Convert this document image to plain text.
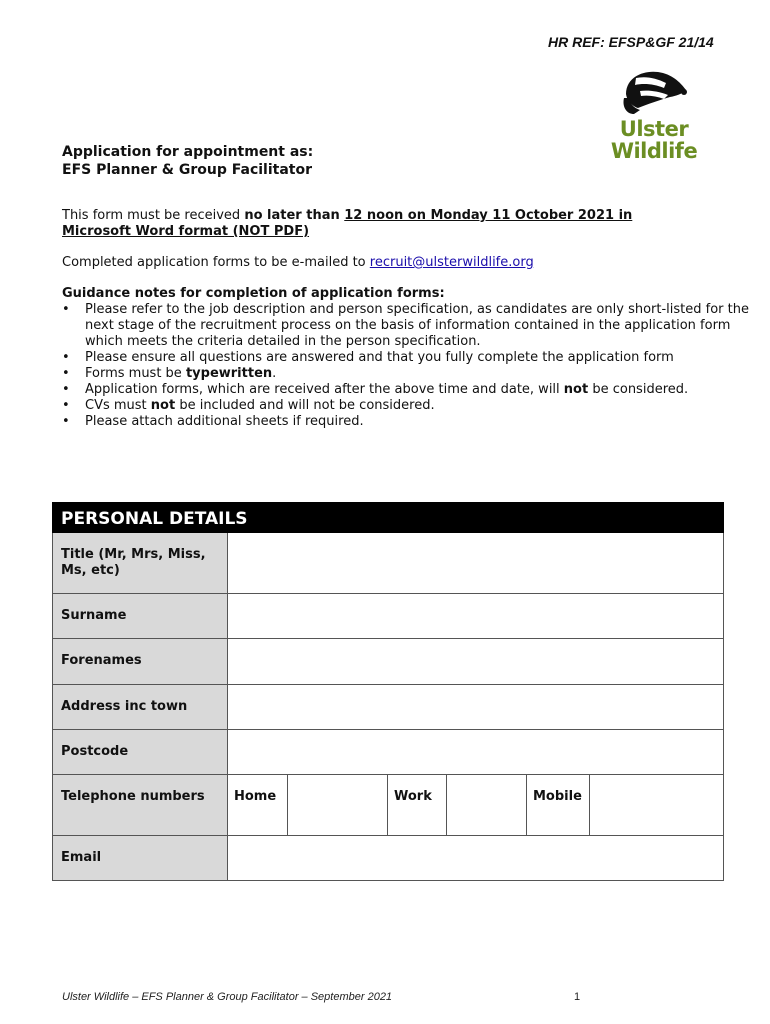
HR REF: EFSP&GF 21/14
Ulster
Wildlife
Application for appointment as:
EFS Planner & Group Facilitator
This form must be received no later than 12 noon on Monday 11 October 2021 in Microsoft Word format (NOT PDF)
Completed application forms to be e-mailed to recruit@ulsterwildlife.org
Guidance notes for completion of application forms:
• Please refer to the job description and person specification, as candidates are only short-listed for the
next stage of the recruitment process on the basis of information contained in the application form
which meets the criteria detailed in the person specification.
• Please ensure all questions are answered and that you fully complete the application form
• Forms must be typewritten.
• Application forms, which are received after the above time and date, will not be considered.
• CVs must not be included and will not be considered.
• Please attach additional sheets if required.
PERSONAL DETAILS						
Title (Mr, Mrs, Miss, Ms, etc)						
Surname						
Forenames						
Address inc town						
Postcode						
Telephone numbers	Home		Work		Mobile	
Email						
Ulster Wildlife – EFS Planner & Group Facilitator – September 2021	1
